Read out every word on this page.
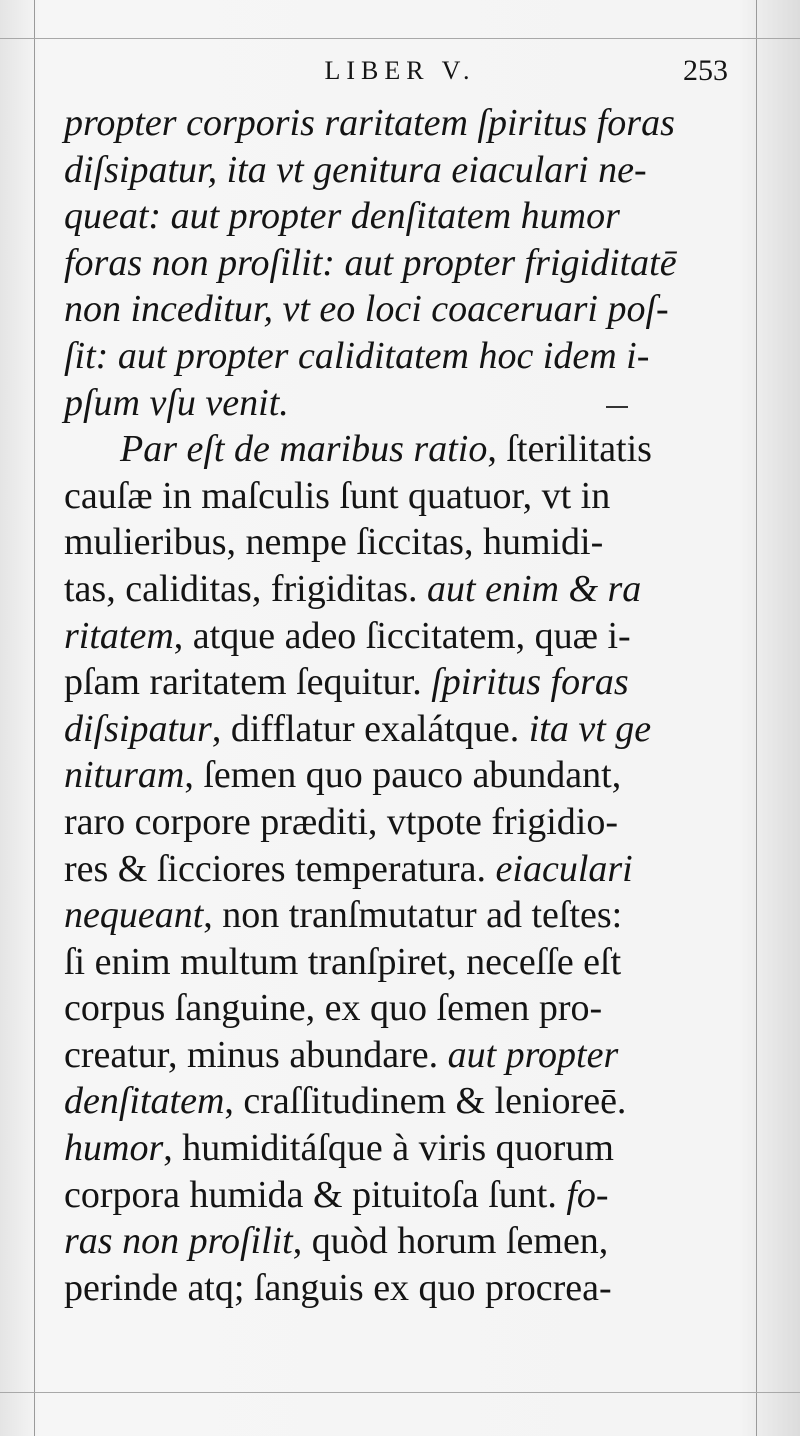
LIBER V.	253
propter corporis raritatem ſpiritus foras
diſsipatur, ita vt genitura eiaculari ne-
queat: aut propter denſitatem humor
foras non proſilit: aut propter frigiditatē
non inceditur, vt eo loci coaceruari poſ-
ſit: aut propter caliditatem hoc idem i-
pſum vſu venit.
Par eſt de maribus ratio, ſterilitatis
cauſæ in maſculis ſunt quatuor, vt in
mulieribus, nempe ſiccitas, humidi-
tas, caliditas, frigiditas. aut enim & ra
ritatem, atque adeo ſiccitatem, quæ i-
pſam raritatem ſequitur. ſpiritus foras
diſsipatur, difflatur exalátque. ita vt ge
nituram, ſemen quo pauco abundant,
raro corpore præditi, vtpote frigidio-
res & ſicciores temperatura. eiaculari
nequeant, non tranſmutatur ad teſtes:
ſi enim multum tranſpiret, neceſſe eſt
corpus ſanguine, ex quo ſemen pro-
creatur, minus abundare. aut propter
denſitatem, craſſitudinem & lenioreē.
humor, humiditáſque à viris quorum
corpora humida & pituitoſa ſunt. fo-
ras non proſilit, quòd horum ſemen,
perinde atq; ſanguis ex quo procrea-
